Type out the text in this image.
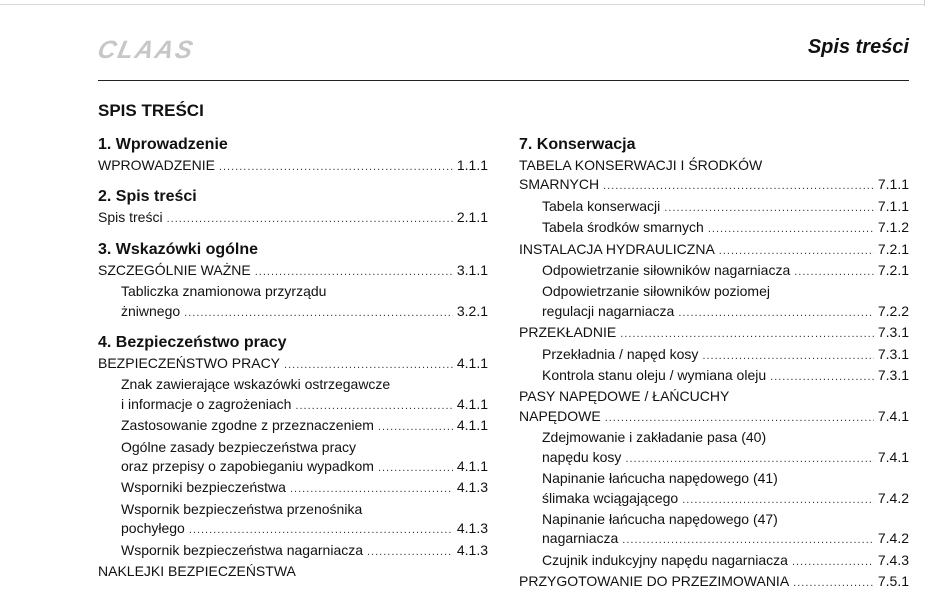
CLAAS	Spis treści
SPIS TREŚCI
1. Wprowadzenie
WPROWADZENIE .....	1.1.1
2. Spis treści
Spis treści .....	2.1.1
3. Wskazówki ogólne
SZCZEGÓLNIE WAŻNE .....	3.1.1
Tabliczka znamionowa przyrządu
żniwnego .....	3.2.1
4. Bezpieczeństwo pracy
BEZPIECZEŃSTWO PRACY .....	4.1.1
Znak zawierające wskazówki ostrzegawcze
i informacje o zagrożeniach .....	4.1.1
Zastosowanie zgodne z przeznaczeniem .....	4.1.1
Ogólne zasady bezpieczeństwa pracy
oraz przepisy o zapobieganiu wypadkom .....	4.1.1
Wsporniki bezpieczeństwa .....	4.1.3
Wspornik bezpieczeństwa przenośnika
pochyłego .....	4.1.3
Wspornik bezpieczeństwa nagarniacza .....	4.1.3
NAKLEJKI BEZPIECZEŃSTWA
7. Konserwacja
TABELA KONSERWACJI I ŚRODKÓW
SMARNYCH .....	7.1.1
Tabela konserwacji .....	7.1.1
Tabela środków smarnych .....	7.1.2
INSTALACJA HYDRAULICZNA .....	7.2.1
Odpowietrzanie siłowników nagarniacza .....	7.2.1
Odpowietrzanie siłowników poziomej
regulacji nagarniacza .....	7.2.2
PRZEKŁADNIE .....	7.3.1
Przekładnia / napęd kosy .....	7.3.1
Kontrola stanu oleju / wymiana oleju .....	7.3.1
PASY NAPĘDOWE / ŁAŃCUCHY
NAPĘDOWE .....	7.4.1
Zdejmowanie i zakładanie pasa (40)
napędu kosy .....	7.4.1
Napinanie łańcucha napędowego (41)
ślimaka wciągającego .....	7.4.2
Napinanie łańcucha napędowego (47)
nagarniacza .....	7.4.2
Czujnik indukcyjny napędu nagarniacza .....	7.4.3
PRZYGOTOWANIE DO PRZEZIMOWANIA .....	7.5.1
